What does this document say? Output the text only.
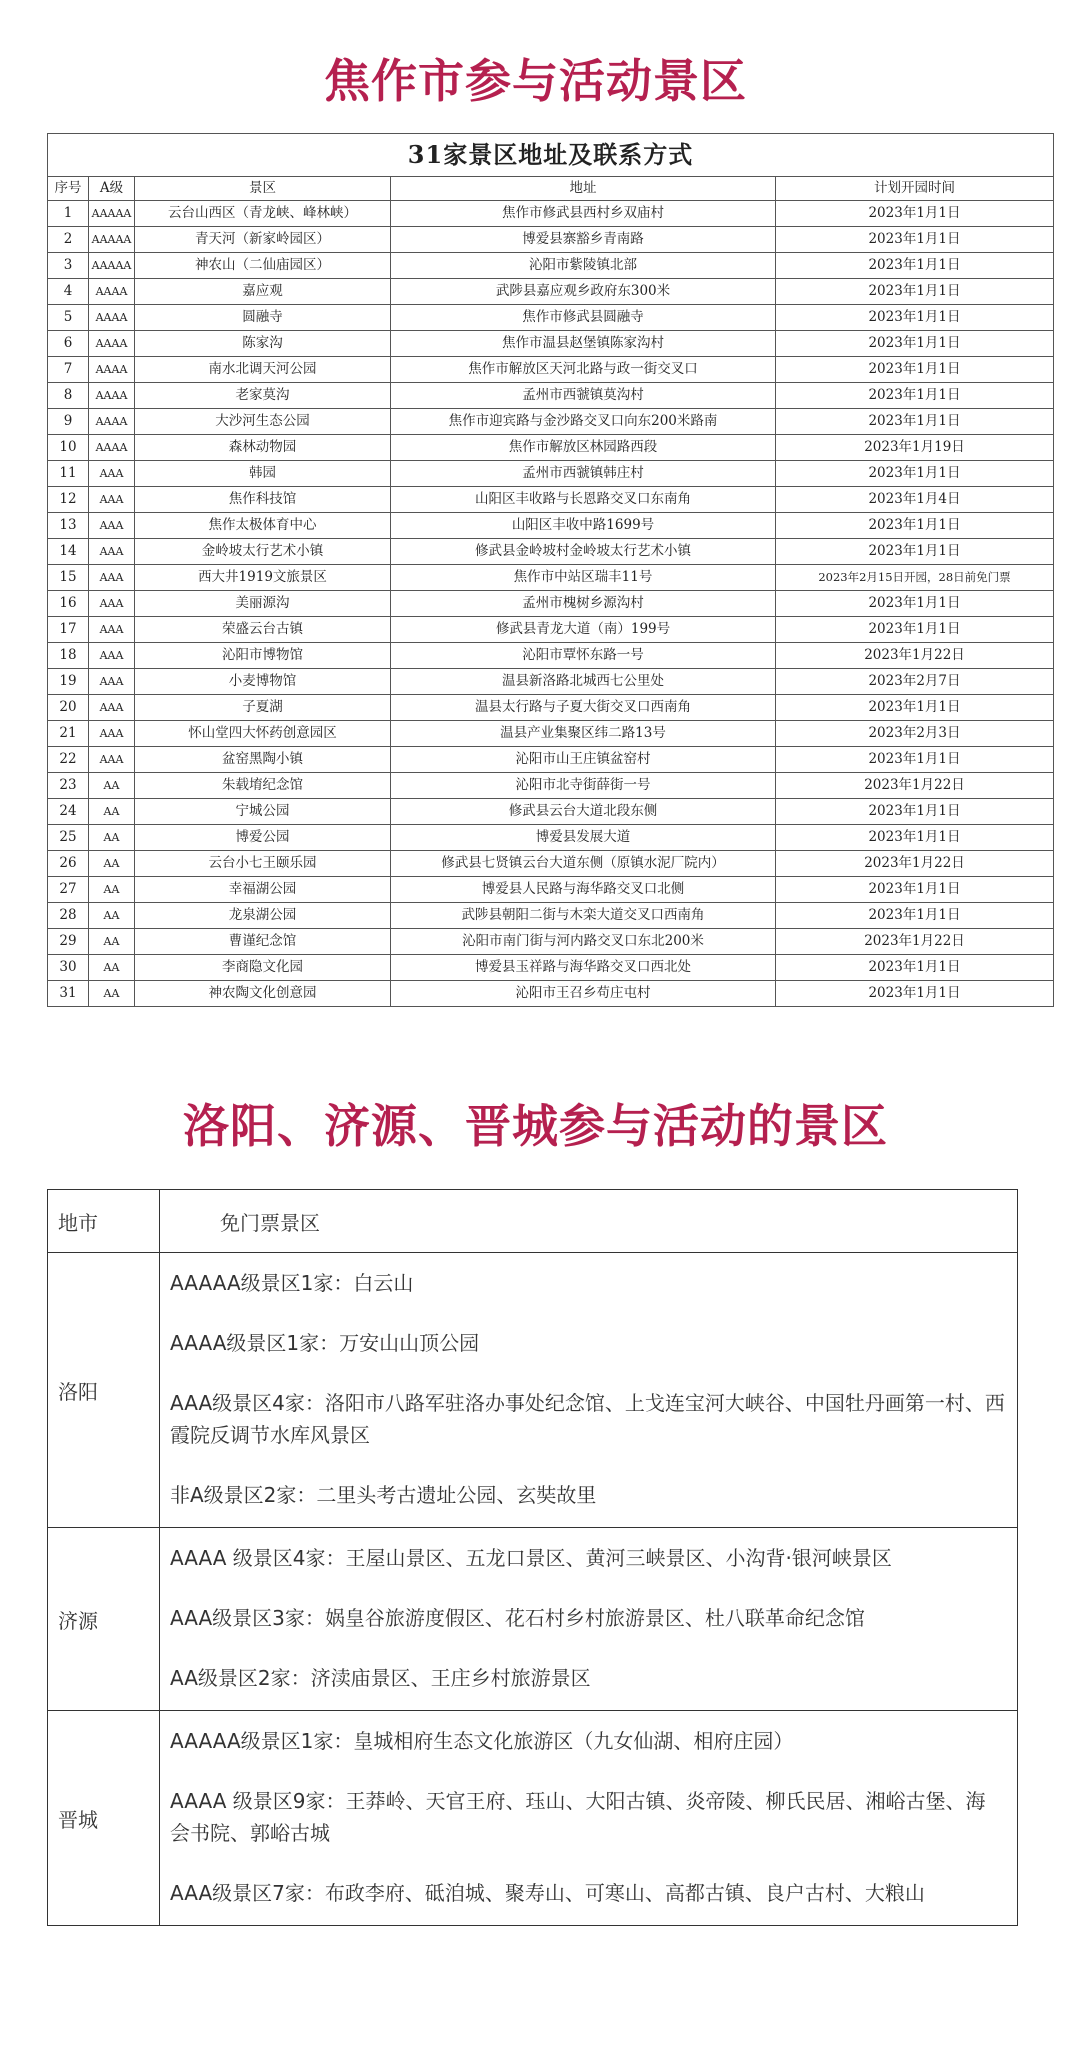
焦作市参与活动景区
31家景区地址及联系方式				
序号	A级	景区	地址	计划开园时间
1	AAAAA	云台山西区（青龙峡、峰林峡）	焦作市修武县西村乡双庙村	2023年1月1日
2	AAAAA	青天河（新家岭园区）	博爱县寨豁乡青南路	2023年1月1日
3	AAAAA	神农山（二仙庙园区）	沁阳市紫陵镇北部	2023年1月1日
4	AAAA	嘉应观	武陟县嘉应观乡政府东300米	2023年1月1日
5	AAAA	圆融寺	焦作市修武县圆融寺	2023年1月1日
6	AAAA	陈家沟	焦作市温县赵堡镇陈家沟村	2023年1月1日
7	AAAA	南水北调天河公园	焦作市解放区天河北路与政一街交叉口	2023年1月1日
8	AAAA	老家莫沟	孟州市西虢镇莫沟村	2023年1月1日
9	AAAA	大沙河生态公园	焦作市迎宾路与金沙路交叉口向东200米路南	2023年1月1日
10	AAAA	森林动物园	焦作市解放区林园路西段	2023年1月19日
11	AAA	韩园	孟州市西虢镇韩庄村	2023年1月1日
12	AAA	焦作科技馆	山阳区丰收路与长恩路交叉口东南角	2023年1月4日
13	AAA	焦作太极体育中心	山阳区丰收中路1699号	2023年1月1日
14	AAA	金岭坡太行艺术小镇	修武县金岭坡村金岭坡太行艺术小镇	2023年1月1日
15	AAA	西大井1919文旅景区	焦作市中站区瑞丰11号	2023年2月15日开园，28日前免门票
16	AAA	美丽源沟	孟州市槐树乡源沟村	2023年1月1日
17	AAA	荣盛云台古镇	修武县青龙大道（南）199号	2023年1月1日
18	AAA	沁阳市博物馆	沁阳市覃怀东路一号	2023年1月22日
19	AAA	小麦博物馆	温县新洛路北城西七公里处	2023年2月7日
20	AAA	子夏湖	温县太行路与子夏大街交叉口西南角	2023年1月1日
21	AAA	怀山堂四大怀药创意园区	温县产业集聚区纬二路13号	2023年2月3日
22	AAA	盆窑黑陶小镇	沁阳市山王庄镇盆窑村	2023年1月1日
23	AA	朱载堉纪念馆	沁阳市北寺街薛街一号	2023年1月22日
24	AA	宁城公园	修武县云台大道北段东侧	2023年1月1日
25	AA	博爱公园	博爱县发展大道	2023年1月1日
26	AA	云台小七王颐乐园	修武县七贤镇云台大道东侧（原镇水泥厂院内）	2023年1月22日
27	AA	幸福湖公园	博爱县人民路与海华路交叉口北侧	2023年1月1日
28	AA	龙泉湖公园	武陟县朝阳二街与木栾大道交叉口西南角	2023年1月1日
29	AA	曹谨纪念馆	沁阳市南门街与河内路交叉口东北200米	2023年1月22日
30	AA	李商隐文化园	博爱县玉祥路与海华路交叉口西北处	2023年1月1日
31	AA	神农陶文化创意园	沁阳市王召乡苟庄屯村	2023年1月1日
洛阳、济源、晋城参与活动的景区
地市	免门票景区
洛阳	AAAAA级景区1家：白云山
AAAA级景区1家：万安山山顶公园
AAA级景区4家：洛阳市八路军驻洛办事处纪念馆、上戈连宝河大峡谷、中国牡丹画第一村、西霞院反调节水库风景区
非A级景区2家：二里头考古遗址公园、玄奘故里

济源	AAAA 级景区4家：王屋山景区、五龙口景区、黄河三峡景区、小沟背·银河峡景区
AAA级景区3家：娲皇谷旅游度假区、花石村乡村旅游景区、杜八联革命纪念馆
AA级景区2家：济渎庙景区、王庄乡村旅游景区

晋城	AAAAA级景区1家：皇城相府生态文化旅游区（九女仙湖、相府庄园）
AAAA 级景区9家：王莽岭、天官王府、珏山、大阳古镇、炎帝陵、柳氏民居、湘峪古堡、海会书院、郭峪古城
AAA级景区7家：布政李府、砥洎城、聚寿山、可寒山、高都古镇、良户古村、大粮山
